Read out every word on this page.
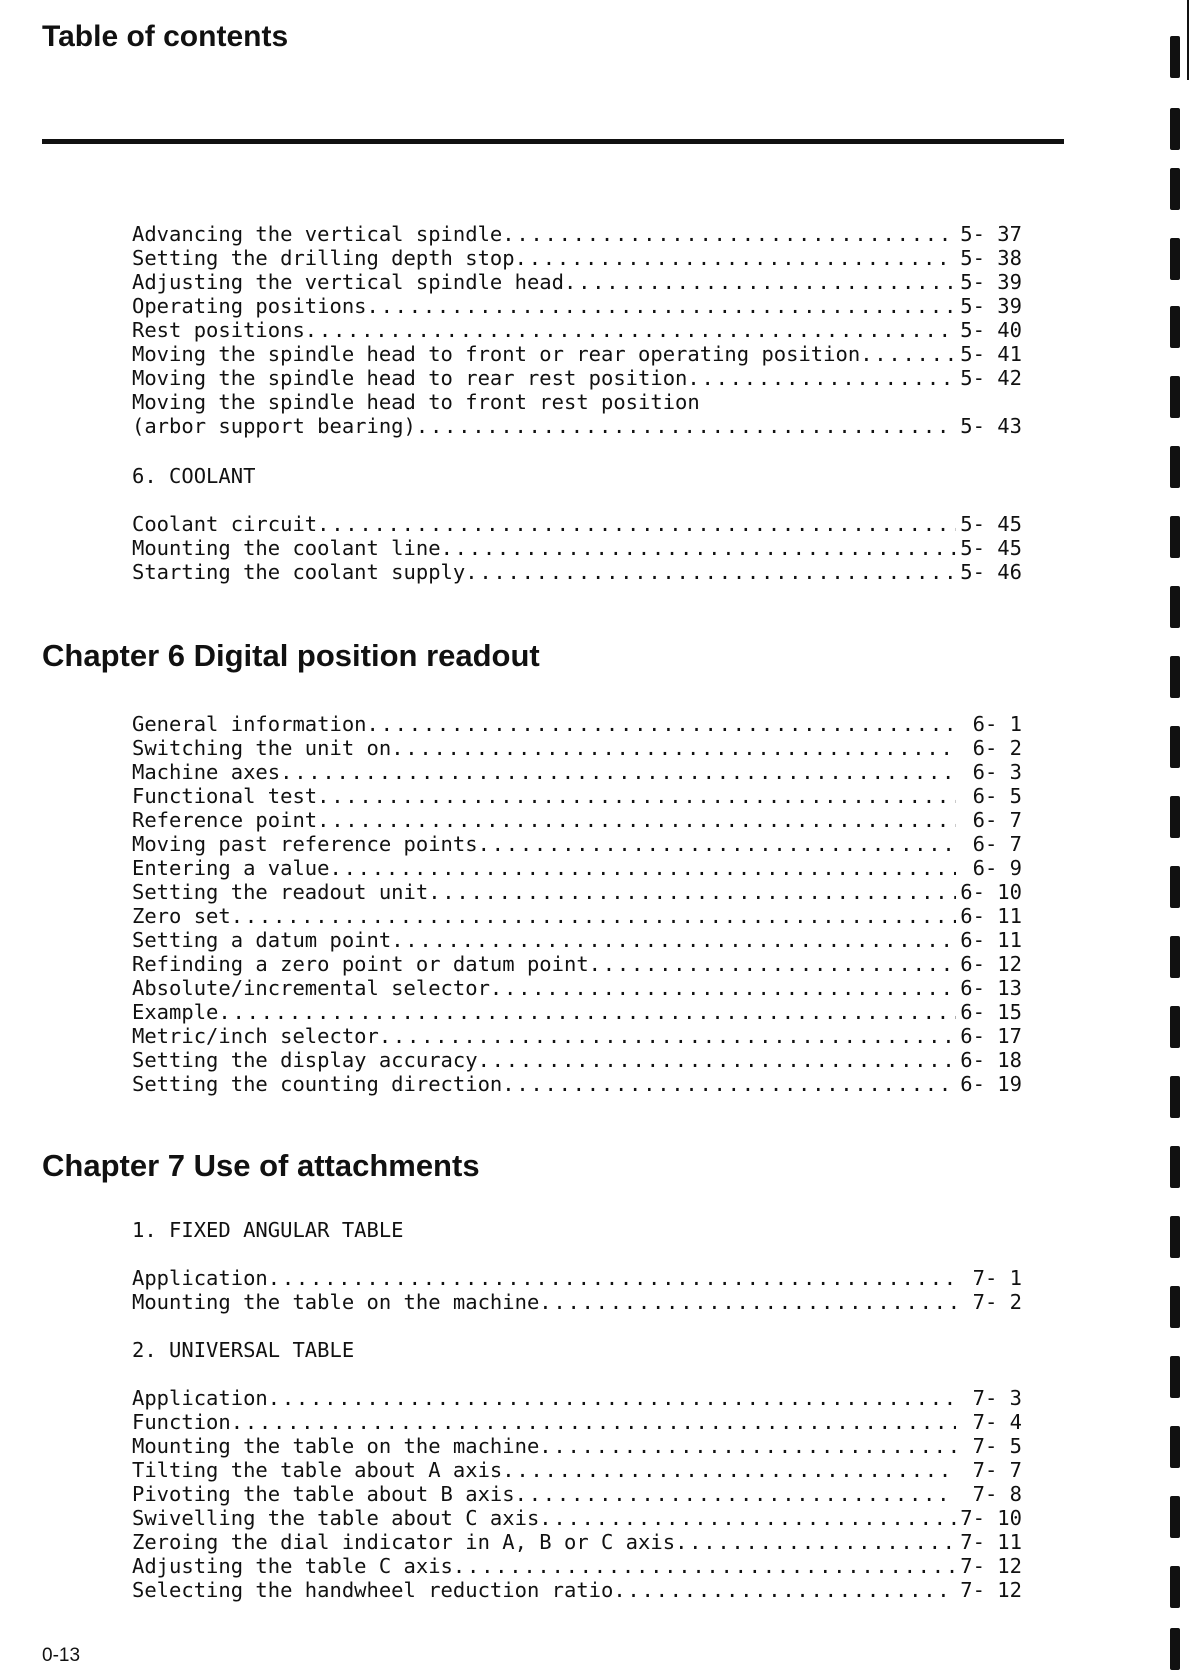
Table of contents
Advancing the vertical spindle . . .	5- 37
Setting the drilling depth stop . . .	5- 38
Adjusting the vertical spindle head . . .	5- 39
Operating positions . . .	5- 39
Rest positions . . .	5- 40
Moving the spindle head to front or rear operating position . . .	5- 41
Moving the spindle head to rear rest position . . .	5- 42
Moving the spindle head to front rest position
(arbor support bearing) . . .	5- 43
6. COOLANT
Coolant circuit . . .	5- 45
Mounting the coolant line . . .	5- 45
Starting the coolant supply . . .	5- 46
Chapter 6 Digital position readout
General information . . .	6- 1
Switching the unit on . . .	6- 2
Machine axes . . .	6- 3
Functional test . . .	6- 5
Reference point . . .	6- 7
Moving past reference points . . .	6- 7
Entering a value . . .	6- 9
Setting the readout unit . . .	6- 10
Zero set . . .	6- 11
Setting a datum point . . .	6- 11
Refinding a zero point or datum point . . .	6- 12
Absolute/incremental selector . . .	6- 13
Example . . .	6- 15
Metric/inch selector . . .	6- 17
Setting the display accuracy . . .	6- 18
Setting the counting direction . . .	6- 19
Chapter 7 Use of attachments
1. FIXED ANGULAR TABLE
Application . . .	7- 1
Mounting the table on the machine . . .	7- 2
2. UNIVERSAL TABLE
Application . . .	7- 3
Function . . .	7- 4
Mounting the table on the machine . . .	7- 5
Tilting the table about A axis . . .	7- 7
Pivoting the table about B axis . . .	7- 8
Swivelling the table about C axis . . .	7- 10
Zeroing the dial indicator in A, B or C axis . . .	7- 11
Adjusting the table C axis . . .	7- 12
Selecting the handwheel reduction ratio . . .	7- 12
0-13
